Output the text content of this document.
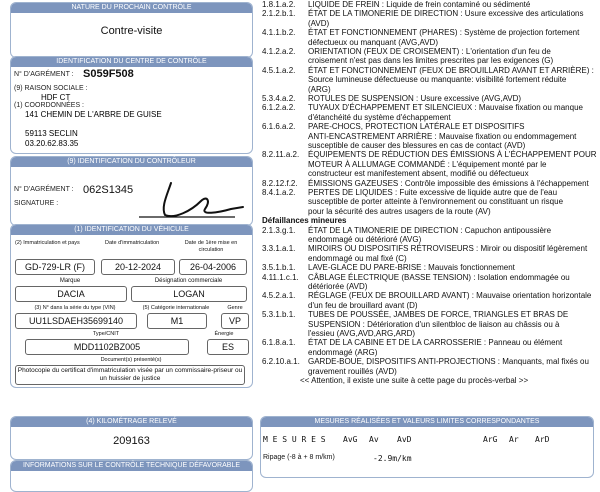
NATURE DU PROCHAIN CONTRÔLE
Contre-visite
IDENTIFICATION DU CENTRE DE CONTRÔLE
N° D'AGRÉMENT : S059F508
(9) RAISON SOCIALE :
HDF CT
(1) COORDONNÉES :
141 CHEMIN DE L'ARBRE DE GUISE
59113 SECLIN
03.20.62.83.35
(9) IDENTIFICATION DU CONTRÔLEUR
N° D'AGRÉMENT : 062S1345
SIGNATURE :
(1) IDENTIFICATION DU VÉHICULE
(2) Immatriculation et pays	Date d'immatriculation	Date de 1ère mise en circulation
GD-729-LR (F)	20-12-2024	26-04-2006
Marque	Désignation commerciale
DACIA	LOGAN
(3) N° dans la série du type (VIN)	(5) Catégorie internationale	Genre
UU1LSDAEH35699140	M1	VP
Type/CNIT	Énergie
MDD1102BZ005	ES
Document(s) présenté(s)
Photocopie du certificat d'immatriculation visée par un commissaire-priseur ou un huissier de justice
(4) KILOMÉTRAGE RELEVÉ
209163
INFORMATIONS SUR LE CONTRÔLE TECHNIQUE DÉFAVORABLE
1.8.1.a.2.	LIQUIDE DE FREIN : Liquide de frein contaminé ou sédimenté
2.1.2.b.1.	ÉTAT DE LA TIMONERIE DE DIRECTION : Usure excessive des articulations
(AVD)
4.1.1.b.2.	ÉTAT ET FONCTIONNEMENT (PHARES) : Système de projection fortement
défectueux ou manquant (AVG,AVD)
4.1.2.a.2.	ORIENTATION (FEUX DE CROISEMENT) : L'orientation d'un feu de
croisement n'est pas dans les limites prescrites par les exigences (G)
4.5.1.a.2.	ÉTAT ET FONCTIONNEMENT (FEUX DE BROUILLARD AVANT ET ARRIÈRE) :
Source lumineuse défectueuse ou manquante: visibilité fortement réduite
(ARG)
5.3.4.a.2.	ROTULES DE SUSPENSION : Usure excessive (AVG,AVD)
6.1.2.a.2.	TUYAUX D'ÉCHAPPEMENT ET SILENCIEUX : Mauvaise fixation ou manque
d'étanchéité du système d'échappement
6.1.6.a.2.	PARE-CHOCS, PROTECTION LATÉRALE ET DISPOSITIFS
ANTI-ENCASTREMENT ARRIÈRE : Mauvaise fixation ou endommagement
susceptible de causer des blessures en cas de contact (AVD)
8.2.11.a.2.	ÉQUIPEMENTS DE RÉDUCTION DES ÉMISSIONS À L'ÉCHAPPEMENT POUR
MOTEUR À ALLUMAGE COMMANDÉ : L'équipement monté par le
constructeur est manifestement absent, modifié ou défectueux
8.2.12.f.2.	ÉMISSIONS GAZEUSES : Contrôle impossible des émissions à l'échappement
8.4.1.a.2.	PERTES DE LIQUIDES : Fuite excessive de liquide autre que de l'eau
susceptible de porter atteinte à l'environnement ou constituant un risque
pour la sécurité des autres usagers de la route (AV)
Défaillances mineures
2.1.3.g.1.	ÉTAT DE LA TIMONERIE DE DIRECTION : Capuchon antipoussière
endommagé ou détérioré (AVG)
3.3.1.a.1.	MIROIRS OU DISPOSITIFS RÉTROVISEURS : Miroir ou dispositif légèrement
endommagé ou mal fixé (C)
3.5.1.b.1.	LAVE-GLACE DU PARE-BRISE : Mauvais fonctionnement
4.11.1.c.1.	CÂBLAGE ÉLECTRIQUE (BASSE TENSION) : Isolation endommagée ou
détériorée (AVD)
4.5.2.a.1.	RÉGLAGE (FEUX DE BROUILLARD AVANT) : Mauvaise orientation horizontale
d'un feu de brouillard avant (D)
5.3.1.b.1.	TUBES DE POUSSÉE, JAMBES DE FORCE, TRIANGLES ET BRAS DE
SUSPENSION : Détérioration d'un silentbloc de liaison au châssis ou à
l'essieu (AVG,AVD,ARG,ARD)
6.1.8.a.1.	ÉTAT DE LA CABINE ET DE LA CARROSSERIE : Panneau ou élément
endommagé (ARG)
6.2.10.a.1.	GARDE-BOUE, DISPOSITIFS ANTI-PROJECTIONS : Manquants, mal fixés ou
gravement rouillés (AVD)
<< Attention, il existe une suite à cette page du procès-verbal >>
MESURES RÉALISÉES ET VALEURS LIMITES CORRESPONDANTES
M E S U R E S AvG Av AvD	ArG Ar ArD
Ripage (-8 à + 8 m/km)	-2.9m/km
